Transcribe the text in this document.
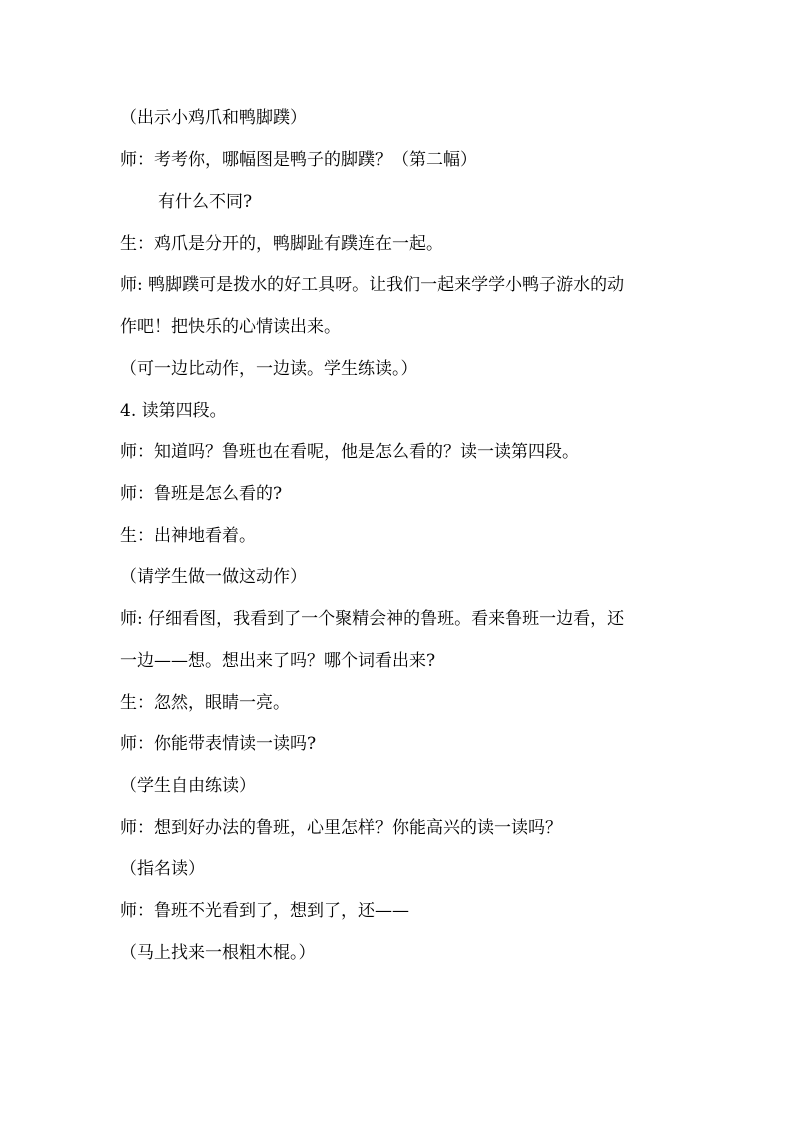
（出示小鸡爪和鸭脚蹼）
师：考考你，哪幅图是鸭子的脚蹼？（第二幅）
有什么不同?
生：鸡爪是分开的，鸭脚趾有蹼连在一起。
师: 鸭脚蹼可是拨水的好工具呀。让我们一起来学学小鸭子游水的动
作吧！把快乐的心情读出来。
（可一边比动作，一边读。学生练读。）
4. 读第四段。
师：知道吗？鲁班也在看呢，他是怎么看的？读一读第四段。
师：鲁班是怎么看的?
生：出神地看着。
（请学生做一做这动作）
师: 仔细看图，我看到了一个聚精会神的鲁班。看来鲁班一边看，还
一边——想。想出来了吗？哪个词看出来?
生：忽然，眼睛一亮。
师：你能带表情读一读吗?
（学生自由练读）
师：想到好办法的鲁班，心里怎样？你能高兴的读一读吗？
（指名读）
师：鲁班不光看到了，想到了，还——
（马上找来一根粗木棍。）
